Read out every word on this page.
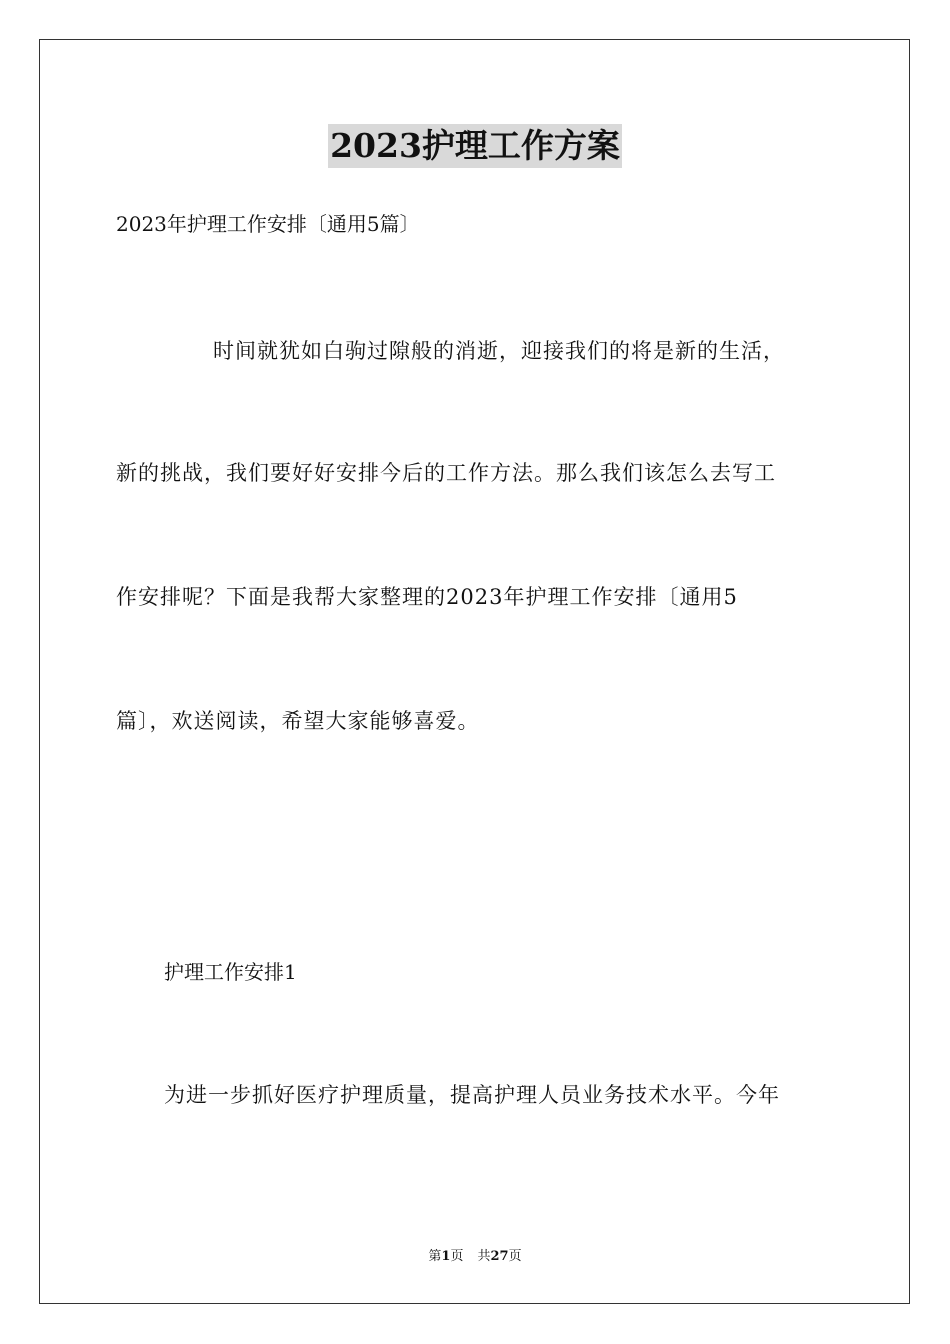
2023护理工作方案
2023年护理工作安排〔通用5篇〕
时间就犹如白驹过隙般的消逝，迎接我们的将是新的生活，
新的挑战，我们要好好安排今后的工作方法。那么我们该怎么去写工
作安排呢？下面是我帮大家整理的2023年护理工作安排〔通用5
篇〕，欢送阅读，希望大家能够喜爱。
护理工作安排1
为进一步抓好医疗护理质量，提高护理人员业务技术水平。今年
第1页 共27页
